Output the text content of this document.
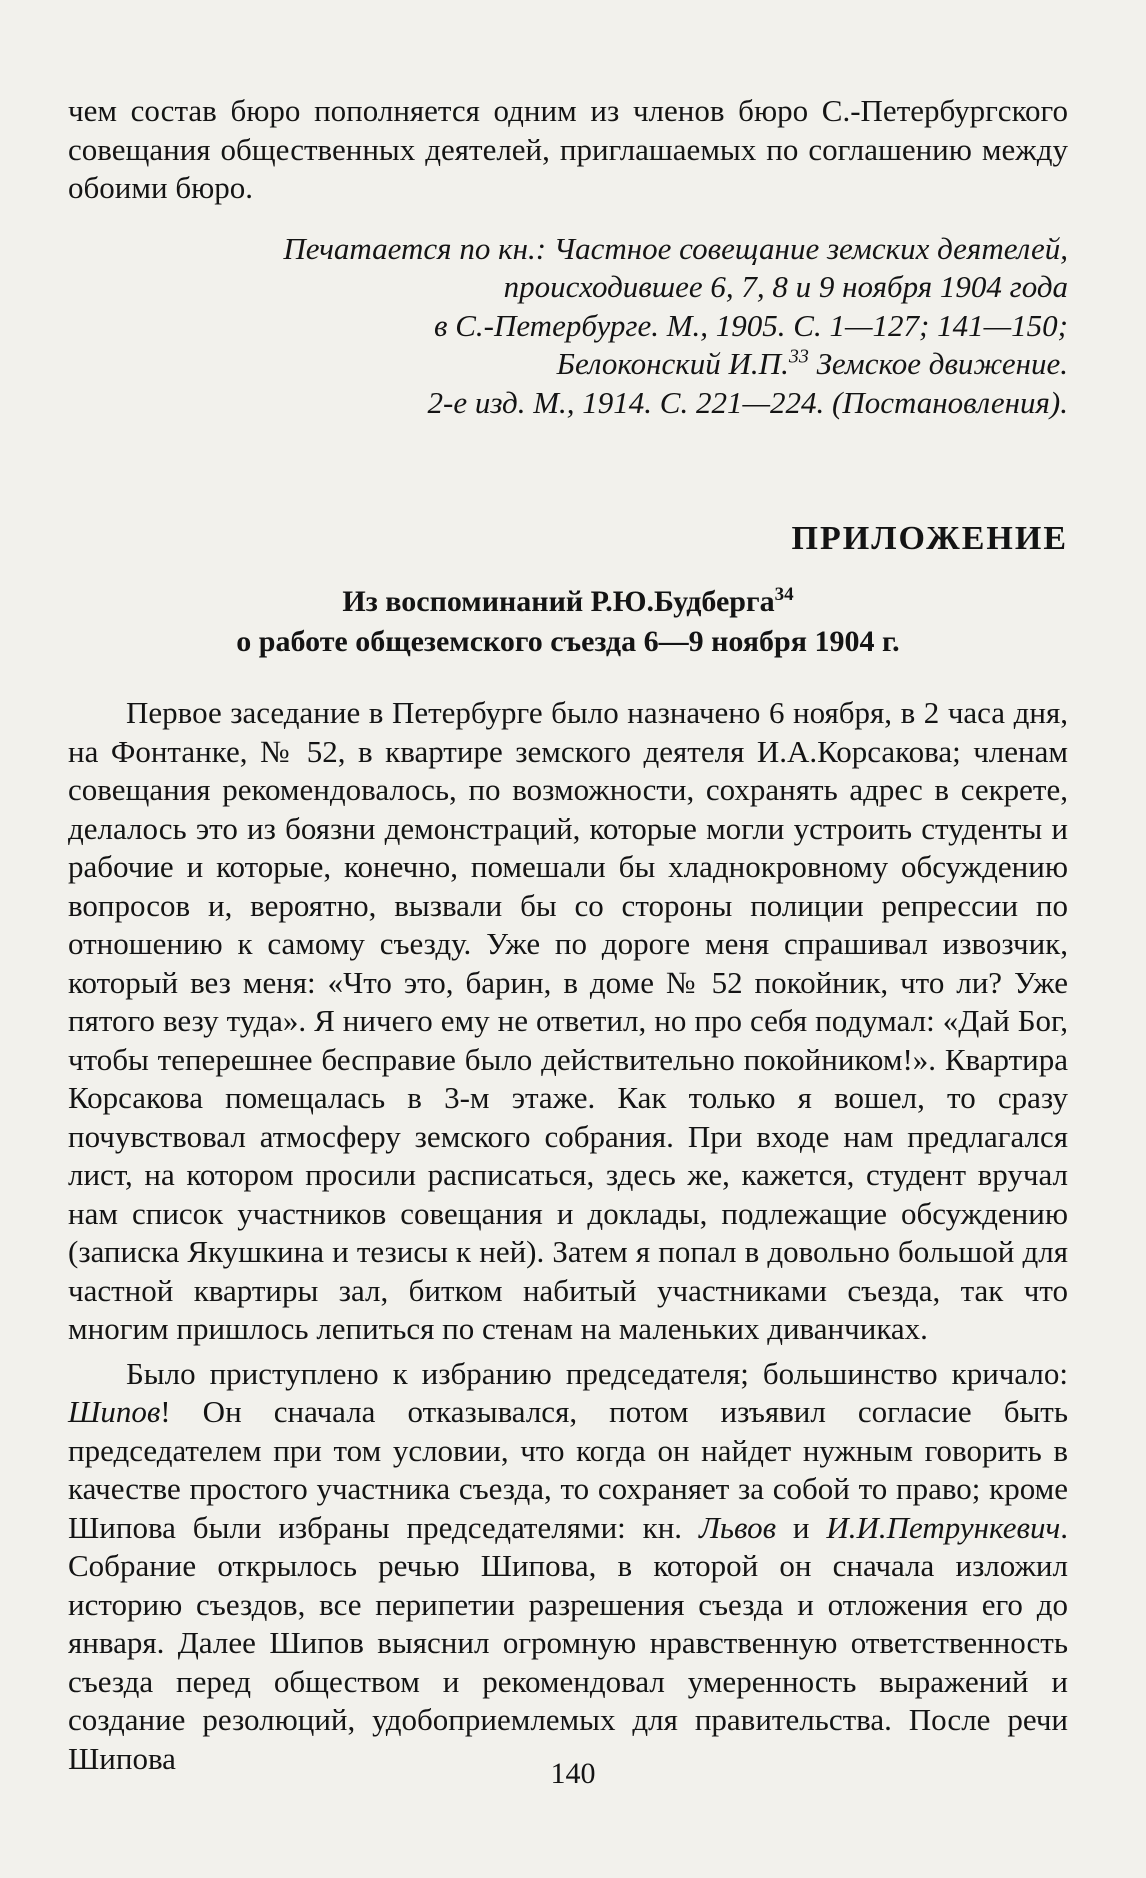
чем состав бюро пополняется одним из членов бюро С.-Петербургского совещания общественных деятелей, приглашаемых по соглашению между обоими бюро.

Печатается по кн.: Частное совещание земских деятелей,
происходившее 6, 7, 8 и 9 ноября 1904 года
в С.-Петербурге. М., 1905. С. 1—127; 141—150;
Белоконский И.П.$^{33}$ Земское движение.
2-е изд. М., 1914. С. 221—224. (Постановления).
ПРИЛОЖЕНИЕ
Из воспоминаний Р.Ю.Будберга$^{34}$
о работе общеземского съезда 6—9 ноября 1904 г.

Первое заседание в Петербурге было назначено 6 ноября, в 2 часа дня, на Фонтанке, № 52, в квартире земского деятеля И.А.Корсакова; членам совещания рекомендовалось, по возможности, сохранять адрес в секрете, делалось это из боязни демонстраций, которые могли устроить студенты и рабочие и которые, конечно, помешали бы хладнокровному обсуждению вопросов и, вероятно, вызвали бы со стороны полиции репрессии по отношению к самому съезду. Уже по дороге меня спрашивал извозчик, который вез меня: «Что это, барин, в доме № 52 покойник, что ли? Уже пятого везу туда». Я ничего ему не ответил, но про себя подумал: «Дай Бог, чтобы теперешнее бесправие было действительно покойником!». Квартира Корсакова помещалась в 3-м этаже. Как только я вошел, то сразу почувствовал атмосферу земского собрания. При входе нам предлагался лист, на котором просили расписаться, здесь же, кажется, студент вручал нам список участников совещания и доклады, подлежащие обсуждению (записка Якушкина и тезисы к ней). Затем я попал в довольно большой для частной квартиры зал, битком набитый участниками съезда, так что многим пришлось лепиться по стенам на маленьких диванчиках.

Было приступлено к избранию председателя; большинство кричало: Шипов! Он сначала отказывался, потом изъявил согласие быть председателем при том условии, что когда он найдет нужным говорить в качестве простого участника съезда, то сохраняет за собой то право; кроме Шипова были избраны председателями: кн. Львов и И.И.Петрункевич. Собрание открылось речью Шипова, в которой он сначала изложил историю съездов, все перипетии разрешения съезда и отложения его до января. Далее Шипов выяснил огромную нравственную ответственность съезда перед обществом и рекомендовал умеренность выражений и создание резолюций, удобоприемлемых для правительства. После речи Шипова	140
